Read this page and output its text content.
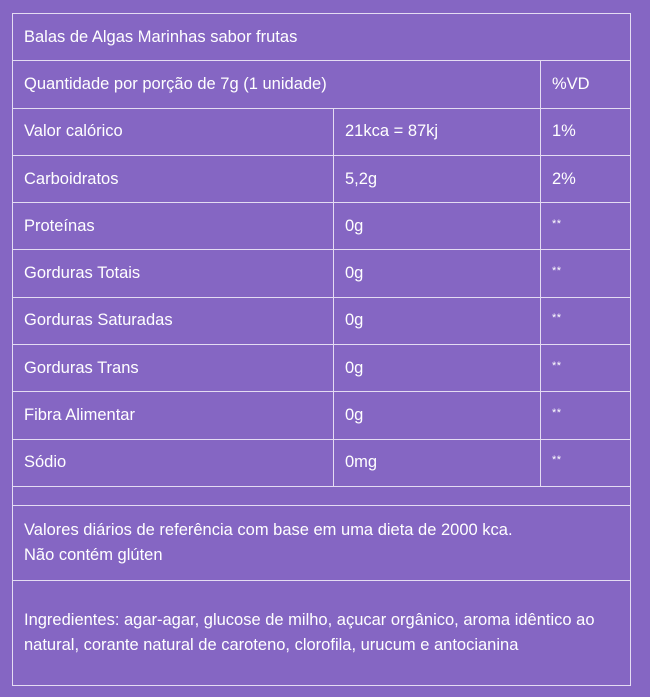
Balas de Algas Marinhas sabor frutas		
Quantidade por porção de 7g (1 unidade)		%VD
Valor calórico	21kca = 87kj	1%
Carboidratos	5,2g	2%
Proteínas	0g	**
Gorduras Totais	0g	**
Gorduras Saturadas	0g	**
Gorduras Trans	0g	**
Fibra Alimentar	0g	**
Sódio	0mg	**

Valores diários de referência com base em uma dieta de 2000 kca.
Não contém glúten		

Ingredientes: agar-agar, glucose de milho, açucar orgânico, aroma idêntico ao natural, corante natural de caroteno, clorofila, urucum e antocianina		
